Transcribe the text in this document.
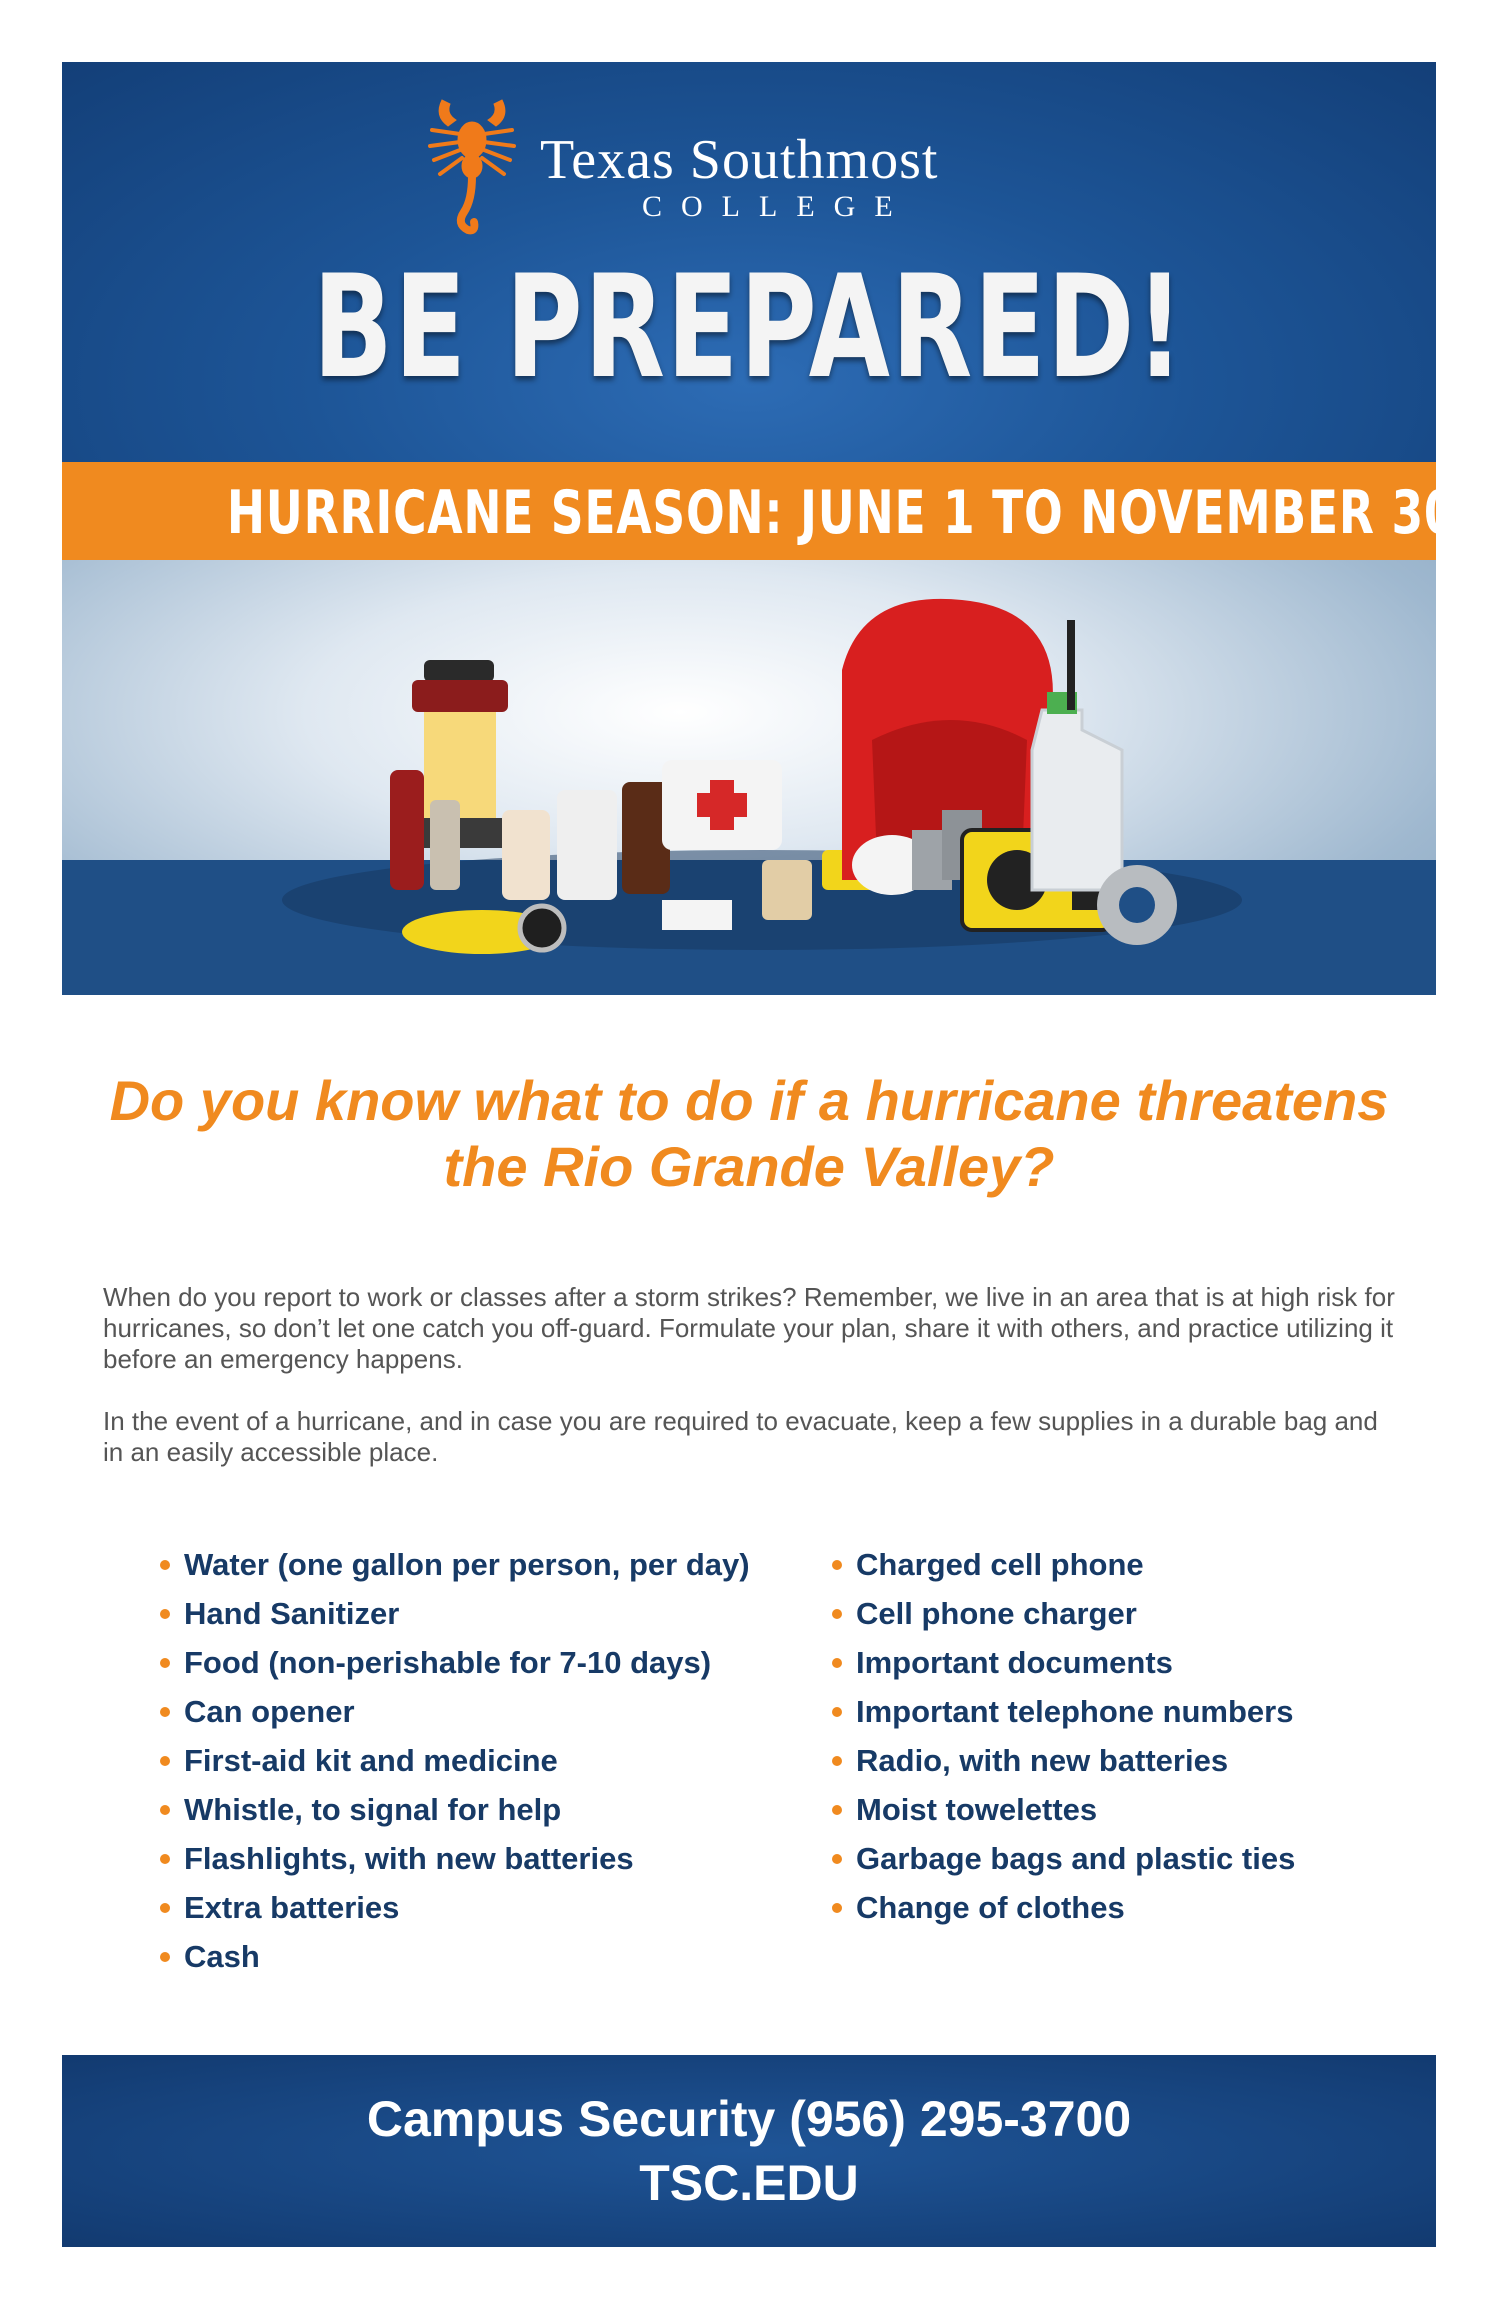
Texas Southmost
COLLEGE
BE PREPARED!
HURRICANE SEASON: JUNE 1 TO NOVEMBER 30
Do you know what to do if a hurricane threatens the Rio Grande Valley?
When do you report to work or classes after a storm strikes? Remember, we live in an area that is at high risk for hurricanes, so don’t let one catch you off-guard. Formulate your plan, share it with others, and practice utilizing it before an emergency happens.
In the event of a hurricane, and in case you are required to evacuate, keep a few supplies in a durable bag and in an easily accessible place.
Water (one gallon per person, per day)
Hand Sanitizer
Food (non-perishable for 7-10 days)
Can opener
First-aid kit and medicine
Whistle, to signal for help
Flashlights, with new batteries
Extra batteries
Cash
Charged cell phone
Cell phone charger
Important documents
Important telephone numbers
Radio, with new batteries
Moist towelettes
Garbage bags and plastic ties
Change of clothes
Campus Security (956) 295-3700
TSC.EDU
